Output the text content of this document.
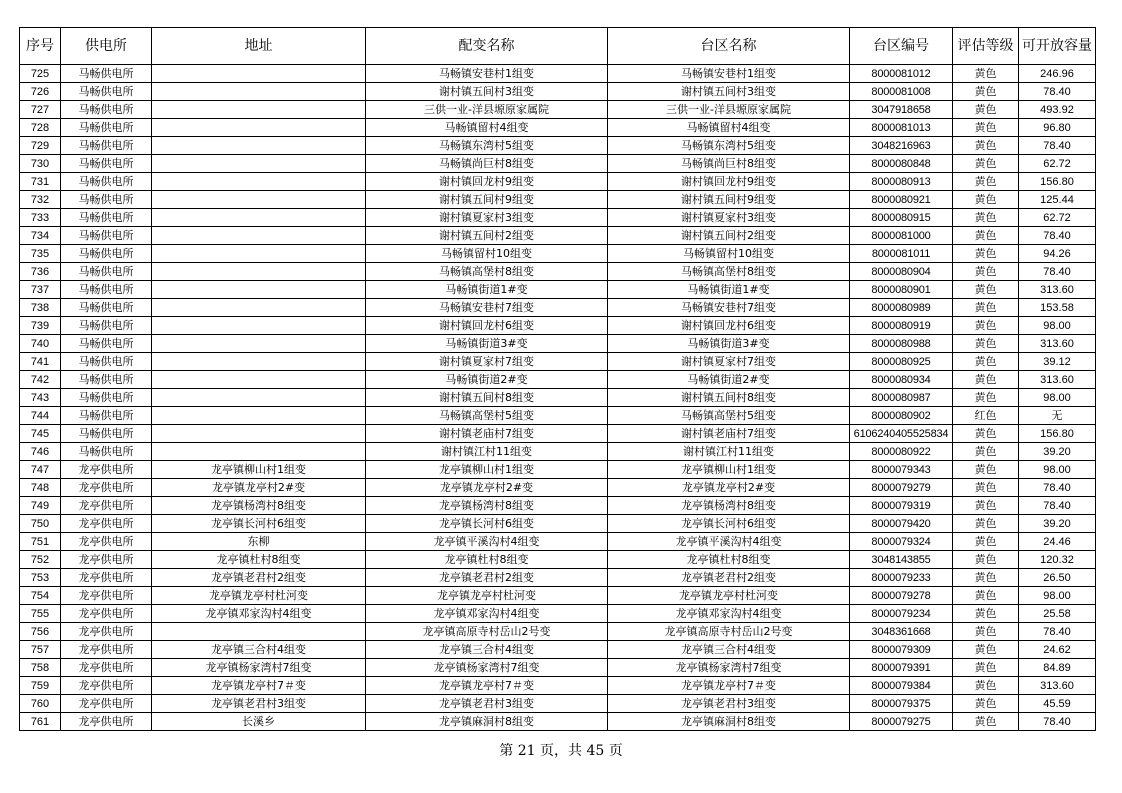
序号	供电所	地址	配变名称	台区名称	台区编号	评估等级	可开放容量
725	马畅供电所		马畅镇安巷村1组变	马畅镇安巷村1组变	8000081012	黄色	246.96
726	马畅供电所		谢村镇五间村3组变	谢村镇五间村3组变	8000081008	黄色	78.40
727	马畅供电所		三供一业-洋县塬原家属院	三供一业-洋县塬原家属院	3047918658	黄色	493.92
728	马畅供电所		马畅镇留村4组变	马畅镇留村4组变	8000081013	黄色	96.80
729	马畅供电所		马畅镇东湾村5组变	马畅镇东湾村5组变	3048216963	黄色	78.40
730	马畅供电所		马畅镇尚巨村8组变	马畅镇尚巨村8组变	8000080848	黄色	62.72
731	马畅供电所		谢村镇回龙村9组变	谢村镇回龙村9组变	8000080913	黄色	156.80
732	马畅供电所		谢村镇五间村9组变	谢村镇五间村9组变	8000080921	黄色	125.44
733	马畅供电所		谢村镇夏家村3组变	谢村镇夏家村3组变	8000080915	黄色	62.72
734	马畅供电所		谢村镇五间村2组变	谢村镇五间村2组变	8000081000	黄色	78.40
735	马畅供电所		马畅镇留村10组变	马畅镇留村10组变	8000081011	黄色	94.26
736	马畅供电所		马畅镇高堡村8组变	马畅镇高堡村8组变	8000080904	黄色	78.40
737	马畅供电所		马畅镇街道1#变	马畅镇街道1#变	8000080901	黄色	313.60
738	马畅供电所		马畅镇安巷村7组变	马畅镇安巷村7组变	8000080989	黄色	153.58
739	马畅供电所		谢村镇回龙村6组变	谢村镇回龙村6组变	8000080919	黄色	98.00
740	马畅供电所		马畅镇街道3#变	马畅镇街道3#变	8000080988	黄色	313.60
741	马畅供电所		谢村镇夏家村7组变	谢村镇夏家村7组变	8000080925	黄色	39.12
742	马畅供电所		马畅镇街道2#变	马畅镇街道2#变	8000080934	黄色	313.60
743	马畅供电所		谢村镇五间村8组变	谢村镇五间村8组变	8000080987	黄色	98.00
744	马畅供电所		马畅镇高堡村5组变	马畅镇高堡村5组变	8000080902	红色	无
745	马畅供电所		谢村镇老庙村7组变	谢村镇老庙村7组变	6106240405525834	黄色	156.80
746	马畅供电所		谢村镇江村11组变	谢村镇江村11组变	8000080922	黄色	39.20
747	龙亭供电所	龙亭镇柳山村1组变	龙亭镇柳山村1组变	龙亭镇柳山村1组变	8000079343	黄色	98.00
748	龙亭供电所	龙亭镇龙亭村2#变	龙亭镇龙亭村2#变	龙亭镇龙亭村2#变	8000079279	黄色	78.40
749	龙亭供电所	龙亭镇杨湾村8组变	龙亭镇杨湾村8组变	龙亭镇杨湾村8组变	8000079319	黄色	78.40
750	龙亭供电所	龙亭镇长河村6组变	龙亭镇长河村6组变	龙亭镇长河村6组变	8000079420	黄色	39.20
751	龙亭供电所	东柳	龙亭镇平溪沟村4组变	龙亭镇平溪沟村4组变	8000079324	黄色	24.46
752	龙亭供电所	龙亭镇杜村8组变	龙亭镇杜村8组变	龙亭镇杜村8组变	3048143855	黄色	120.32
753	龙亭供电所	龙亭镇老君村2组变	龙亭镇老君村2组变	龙亭镇老君村2组变	8000079233	黄色	26.50
754	龙亭供电所	龙亭镇龙亭村杜河变	龙亭镇龙亭村杜河变	龙亭镇龙亭村杜河变	8000079278	黄色	98.00
755	龙亭供电所	龙亭镇邓家沟村4组变	龙亭镇邓家沟村4组变	龙亭镇邓家沟村4组变	8000079234	黄色	25.58
756	龙亭供电所		龙亭镇高原寺村岳山2号变	龙亭镇高原寺村岳山2号变	3048361668	黄色	78.40
757	龙亭供电所	龙亭镇三合村4组变	龙亭镇三合村4组变	龙亭镇三合村4组变	8000079309	黄色	24.62
758	龙亭供电所	龙亭镇杨家湾村7组变	龙亭镇杨家湾村7组变	龙亭镇杨家湾村7组变	8000079391	黄色	84.89
759	龙亭供电所	龙亭镇龙亭村7＃变	龙亭镇龙亭村7＃变	龙亭镇龙亭村7＃变	8000079384	黄色	313.60
760	龙亭供电所	龙亭镇老君村3组变	龙亭镇老君村3组变	龙亭镇老君村3组变	8000079375	黄色	45.59
761	龙亭供电所	长溪乡	龙亭镇麻洞村8组变	龙亭镇麻洞村8组变	8000079275	黄色	78.40
第 21 页，共 45 页
